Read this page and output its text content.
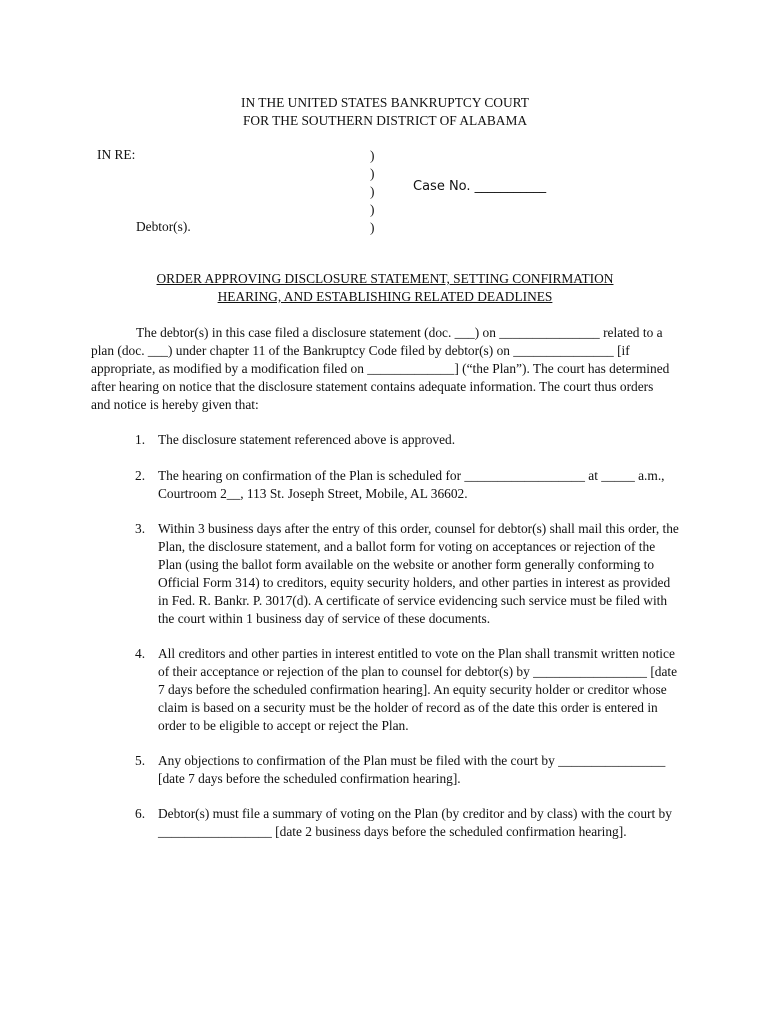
IN THE UNITED STATES BANKRUPTCY COURT
FOR THE SOUTHERN DISTRICT OF ALABAMA
IN RE:
Debtor(s).
)
)
)
)
)
Case No. ___________
ORDER APPROVING DISCLOSURE STATEMENT, SETTING CONFIRMATION
HEARING, AND ESTABLISHING RELATED DEADLINES

The debtor(s) in this case filed a disclosure statement (doc. ___) on _______________ related to a plan (doc. ___) under chapter 11 of the Bankruptcy Code filed by debtor(s) on _______________ [if appropriate, as modified by a modification filed on _____________] (“the Plan”). The court has determined after hearing on notice that the disclosure statement contains adequate information. The court thus orders and notice is hereby given that:

1. The disclosure statement referenced above is approved.
2. The hearing on confirmation of the Plan is scheduled for __________________ at _____ a.m., Courtroom 2__, 113 St. Joseph Street, Mobile, AL 36602.
3. Within 3 business days after the entry of this order, counsel for debtor(s) shall mail this order, the Plan, the disclosure statement, and a ballot form for voting on acceptances or rejection of the Plan (using the ballot form available on the website or another form generally conforming to Official Form 314) to creditors, equity security holders, and other parties in interest as provided in Fed. R. Bankr. P. 3017(d). A certificate of service evidencing such service must be filed with the court within 1 business day of service of these documents.
4. All creditors and other parties in interest entitled to vote on the Plan shall transmit written notice of their acceptance or rejection of the plan to counsel for debtor(s) by _________________ [date 7 days before the scheduled confirmation hearing]. An equity security holder or creditor whose claim is based on a security must be the holder of record as of the date this order is entered in order to be eligible to accept or reject the Plan.
5. Any objections to confirmation of the Plan must be filed with the court by ________________ [date 7 days before the scheduled confirmation hearing].
6. Debtor(s) must file a summary of voting on the Plan (by creditor and by class) with the court by _________________ [date 2 business days before the scheduled confirmation hearing].
